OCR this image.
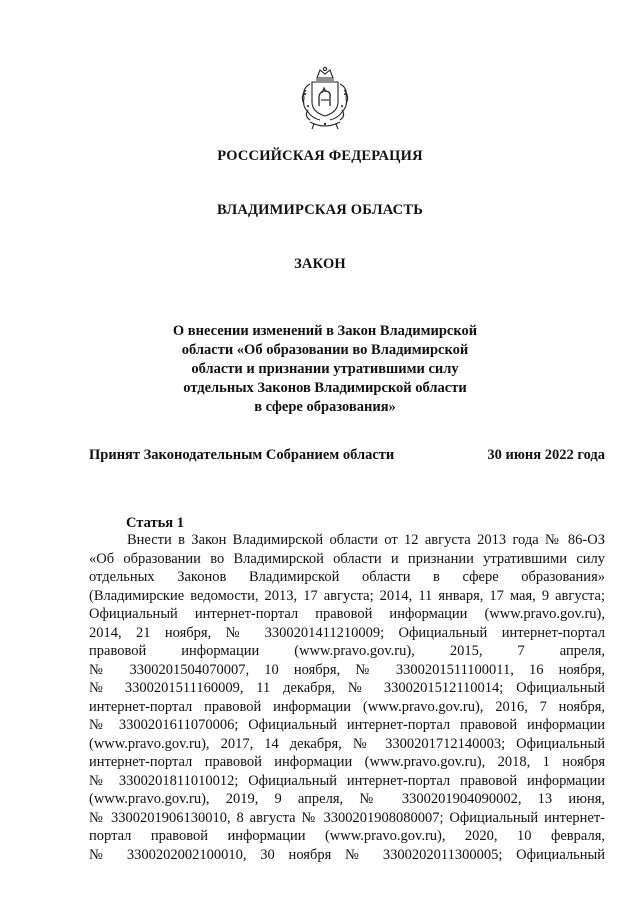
РОССИЙСКАЯ ФЕДЕРАЦИЯ
ВЛАДИМИРСКАЯ ОБЛАСТЬ
ЗАКОН
О внесении изменений в Закон Владимирской
области «Об образовании во Владимирской
области и признании утратившими силу
отдельных Законов Владимирской области
в сфере образования»
Принят Законодательным Собранием области	30 июня 2022 года
Статья 1
Внести в Закон Владимирской области от 12 августа 2013 года № 86-ОЗ
«Об образовании во Владимирской области и признании утратившими силу
отдельных Законов Владимирской области в сфере образования»
(Владимирские ведомости, 2013, 17 августа; 2014, 11 января, 17 мая, 9 августа;
Официальный интернет-портал правовой информации (www.pravo.gov.ru),
2014, 21 ноября, № 3300201411210009; Официальный интернет-портал
правовой информации (www.pravo.gov.ru), 2015, 7 апреля,
№ 3300201504070007, 10 ноября, № 3300201511100011, 16 ноября,
№ 3300201511160009, 11 декабря, № 3300201512110014; Официальный
интернет-портал правовой информации (www.pravo.gov.ru), 2016, 7 ноября,
№ 3300201611070006; Официальный интернет-портал правовой информации
(www.pravo.gov.ru), 2017, 14 декабря, № 3300201712140003; Официальный
интернет-портал правовой информации (www.pravo.gov.ru), 2018, 1 ноября
№ 3300201811010012; Официальный интернет-портал правовой информации
(www.pravo.gov.ru), 2019, 9 апреля, № 3300201904090002, 13 июня,
№ 3300201906130010, 8 августа № 3300201908080007; Официальный интернет-
портал правовой информации (www.pravo.gov.ru), 2020, 10 февраля,
№ 3300202002100010, 30 ноября № 3300202011300005; Официальный
